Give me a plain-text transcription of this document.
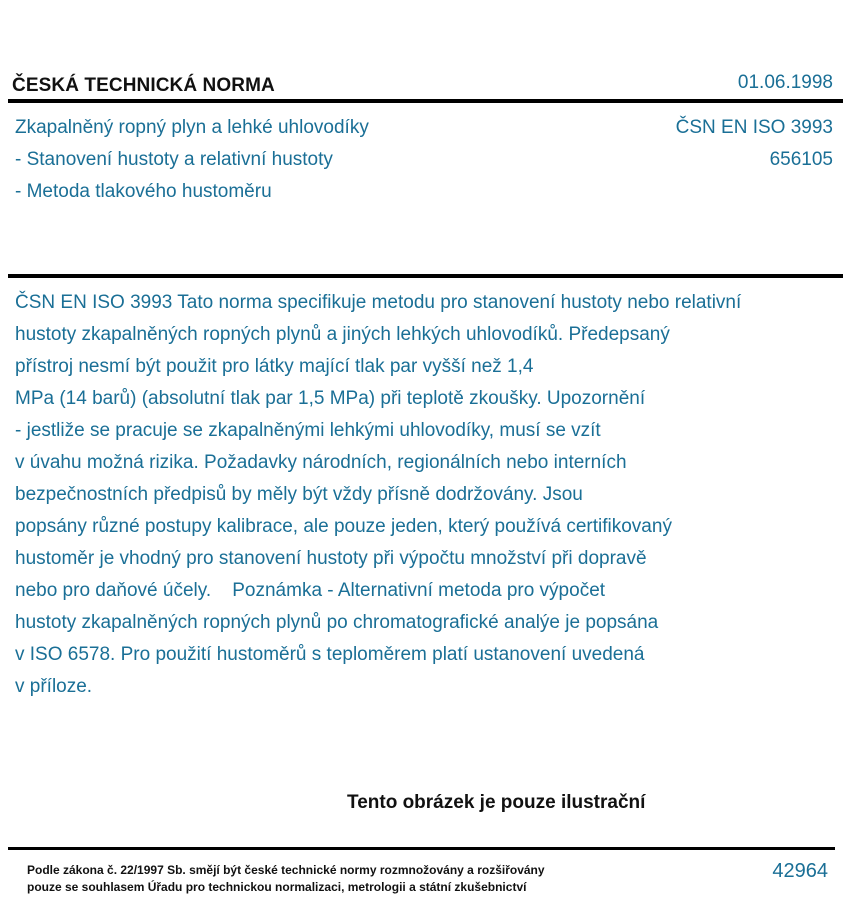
ČESKÁ TECHNICKÁ NORMA	01.06.1998
Zkapalněný ropný plyn a lehké uhlovodíky
- Stanovení hustoty a relativní hustoty
- Metoda tlakového hustoměru
ČSN EN ISO 3993
656105
ČSN EN ISO 3993 Tato norma specifikuje metodu pro stanovení hustoty nebo relativní
hustoty zkapalněných ropných plynů a jiných lehkých uhlovodíků. Předepsaný
přístroj nesmí být použit pro látky mající tlak par vyšší než 1,4
MPa (14 barů) (absolutní tlak par 1,5 MPa) při teplotě zkoušky. Upozornění
- jestliže se pracuje se zkapalněnými lehkými uhlovodíky, musí se vzít
v úvahu možná rizika. Požadavky národních, regionálních nebo interních
bezpečnostních předpisů by měly být vždy přísně dodržovány. Jsou
popsány různé postupy kalibrace, ale pouze jeden, který používá certifikovaný
hustoměr je vhodný pro stanovení hustoty při výpočtu množství při dopravě
nebo pro daňové účely.    Poznámka - Alternativní metoda pro výpočet
hustoty zkapalněných ropných plynů po chromatografické analýe je popsána
v ISO 6578. Pro použití hustoměrů s teploměrem platí ustanovení uvedená
v příloze.
Tento obrázek je pouze ilustrační
Podle zákona č. 22/1997 Sb. smějí být české technické normy rozmnožovány a rozšiřovány
pouze se souhlasem Úřadu pro technickou normalizaci, metrologii a státní zkušebnictví
42964
